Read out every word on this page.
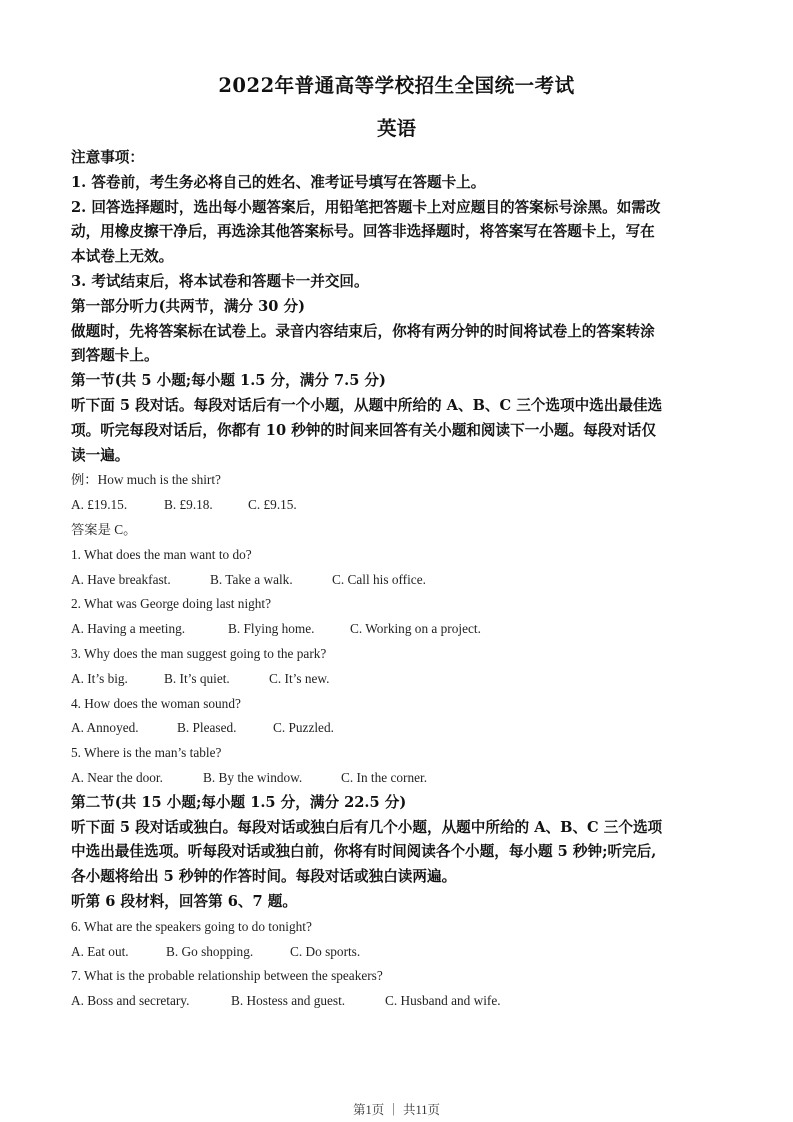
2022年普通高等学校招生全国统一考试
英语

注意事项：

1. 答卷前，考生务必将自己的姓名、准考证号填写在答题卡上。

2. 回答选择题时，选出每小题答案后，用铅笔把答题卡上对应题目的答案标号涂黑。如需改

动，用橡皮擦干净后，再选涂其他答案标号。回答非选择题时，将答案写在答题卡上，写在

本试卷上无效。

3. 考试结束后，将本试卷和答题卡一并交回。

第一部分听力(共两节，满分 30 分)

做题时，先将答案标在试卷上。录音内容结束后，你将有两分钟的时间将试卷上的答案转涂

到答题卡上。

第一节(共 5 小题;每小题 1.5 分，满分 7.5 分)

听下面 5 段对话。每段对话后有一个小题，从题中所给的 A、B、C 三个选项中选出最佳选

项。听完每段对话后，你都有 10 秒钟的时间来回答有关小题和阅读下一小题。每段对话仅

读一遍。

例：How much is the shirt?

A. £19.15.	B. £9.18.	C. £9.15.

答案是 C。

1. What does the man want to do?

A. Have breakfast.	B. Take a walk.	C. Call his office.

2. What was George doing last night?

A. Having a meeting.	B. Flying home.	C. Working on a project.

3. Why does the man suggest going to the park?

A. It’s big.	B. It’s quiet.	C. It’s new.

4. How does the woman sound?

A. Annoyed.	B. Pleased.	C. Puzzled.

5. Where is the man’s table?

A. Near the door.	B. By the window.	C. In the corner.

第二节(共 15 小题;每小题 1.5 分，满分 22.5 分)

听下面 5 段对话或独白。每段对话或独白后有几个小题，从题中所给的 A、B、C 三个选项

中选出最佳选项。听每段对话或独白前，你将有时间阅读各个小题，每小题 5 秒钟;听完后,

各小题将给出 5 秒钟的作答时间。每段对话或独白读两遍。

听第 6 段材料，回答第 6、7 题。

6. What are the speakers going to do tonight?

A. Eat out.	B. Go shopping.	C. Do sports.

7. What is the probable relationship between the speakers?

A. Boss and secretary.	B. Hostess and guest.	C. Husband and wife.

第1页 ｜ 共11页
